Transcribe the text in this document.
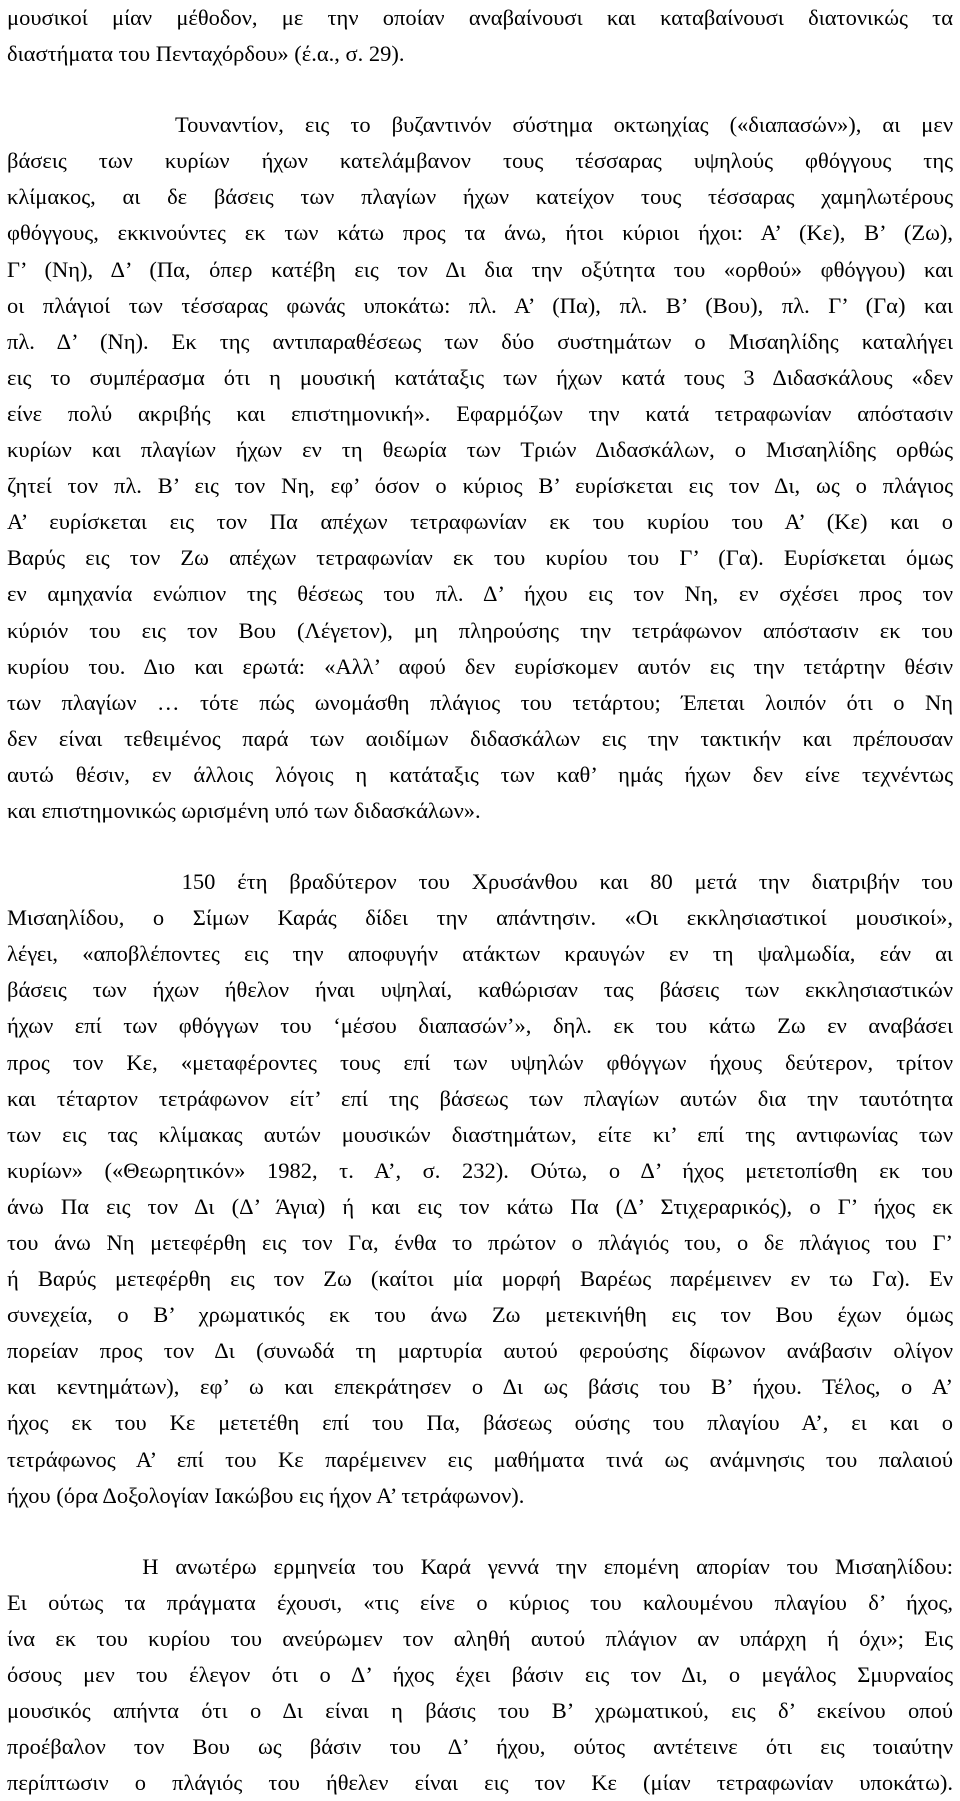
μουσικοί μίαν μέθοδον, με την οποίαν αναβαίνουσι και καταβαίνουσι διατονικώς τα
διαστήματα του Πενταχόρδου» (έ.α., σ. 29).
Τουναντίον, εις το βυζαντινόν σύστημα οκτωηχίας («διαπασών»), αι μεν
βάσεις των κυρίων ήχων κατελάμβανον τους τέσσαρας υψηλούς φθόγγους της
κλίμακος, αι δε βάσεις των πλαγίων ήχων κατείχον τους τέσσαρας χαμηλωτέρους
φθόγγους, εκκινούντες εκ των κάτω προς τα άνω, ήτοι κύριοι ήχοι: Α’ (Κε), Β’ (Ζω),
Γ’ (Νη), Δ’ (Πα, όπερ κατέβη εις τον Δι δια την οξύτητα του «ορθού» φθόγγου) και
οι πλάγιοί των τέσσαρας φωνάς υποκάτω: πλ. Α’ (Πα), πλ. Β’ (Βου), πλ. Γ’ (Γα) και
πλ. Δ’ (Νη). Εκ της αντιπαραθέσεως των δύο συστημάτων ο Μισαηλίδης καταλήγει
εις το συμπέρασμα ότι η μουσική κατάταξις των ήχων κατά τους 3 Διδασκάλους «δεν
είνε πολύ ακριβής και επιστημονική». Εφαρμόζων την κατά τετραφωνίαν απόστασιν
κυρίων και πλαγίων ήχων εν τη θεωρία των Τριών Διδασκάλων, ο Μισαηλίδης ορθώς
ζητεί τον πλ. Β’ εις τον Νη, εφ’ όσον ο κύριος Β’ ευρίσκεται εις τον Δι, ως ο πλάγιος
Α’ ευρίσκεται εις τον Πα απέχων τετραφωνίαν εκ του κυρίου του Α’ (Κε) και ο
Βαρύς εις τον Ζω απέχων τετραφωνίαν εκ του κυρίου του Γ’ (Γα). Ευρίσκεται όμως
εν αμηχανία ενώπιον της θέσεως του πλ. Δ’ ήχου εις τον Νη, εν σχέσει προς τον
κύριόν του εις τον Βου (Λέγετον), μη πληρούσης την τετράφωνον απόστασιν εκ του
κυρίου του. Διο και ερωτά: «Αλλ’ αφού δεν ευρίσκομεν αυτόν εις την τετάρτην θέσιν
των πλαγίων … τότε πώς ωνομάσθη πλάγιος του τετάρτου; Έπεται λοιπόν ότι ο Νη
δεν είναι τεθειμένος παρά των αοιδίμων διδασκάλων εις την τακτικήν και πρέπουσαν
αυτώ θέσιν, εν άλλοις λόγοις η κατάταξις των καθ’ ημάς ήχων δεν είνε τεχνέντως
και επιστημονικώς ωρισμένη υπό των διδασκάλων».
150 έτη βραδύτερον του Χρυσάνθου και 80 μετά την διατριβήν του
Μισαηλίδου, ο Σίμων Καράς δίδει την απάντησιν. «Οι εκκλησιαστικοί μουσικοί»,
λέγει, «αποβλέποντες εις την αποφυγήν ατάκτων κραυγών εν τη ψαλμωδία, εάν αι
βάσεις των ήχων ήθελον ήναι υψηλαί, καθώρισαν τας βάσεις των εκκλησιαστικών
ήχων επί των φθόγγων του ‘μέσου διαπασών’», δηλ. εκ του κάτω Ζω εν αναβάσει
προς τον Κε, «μεταφέροντες τους επί των υψηλών φθόγγων ήχους δεύτερον, τρίτον
και τέταρτον τετράφωνον είτ’ επί της βάσεως των πλαγίων αυτών δια την ταυτότητα
των εις τας κλίμακας αυτών μουσικών διαστημάτων, είτε κι’ επί της αντιφωνίας των
κυρίων» («Θεωρητικόν» 1982, τ. Α’, σ. 232). Ούτω, ο Δ’ ήχος μετετοπίσθη εκ του
άνω Πα εις τον Δι (Δ’ Άγια) ή και εις τον κάτω Πα (Δ’ Στιχεραρικός), ο Γ’ ήχος εκ
του άνω Νη μετεφέρθη εις τον Γα, ένθα το πρώτον ο πλάγιός του, ο δε πλάγιος του Γ’
ή Βαρύς μετεφέρθη εις τον Ζω (καίτοι μία μορφή Βαρέως παρέμεινεν εν τω Γα). Εν
συνεχεία, ο Β’ χρωματικός εκ του άνω Ζω μετεκινήθη εις τον Βου έχων όμως
πορείαν προς τον Δι (συνωδά τη μαρτυρία αυτού φερούσης δίφωνον ανάβασιν ολίγον
και κεντημάτων), εφ’ ω και επεκράτησεν ο Δι ως βάσις του Β’ ήχου. Τέλος, ο Α’
ήχος εκ του Κε μετετέθη επί του Πα, βάσεως ούσης του πλαγίου Α’, ει και ο
τετράφωνος Α’ επί του Κε παρέμεινεν εις μαθήματα τινά ως ανάμνησις του παλαιού
ήχου (όρα Δοξολογίαν Ιακώβου εις ήχον Α’ τετράφωνον).
Η ανωτέρω ερμηνεία του Καρά γεννά την επομένη απορίαν του Μισαηλίδου:
Ει ούτως τα πράγματα έχουσι, «τις είνε ο κύριος του καλουμένου πλαγίου δ’ ήχος,
ίνα εκ του κυρίου του ανεύρωμεν τον αληθή αυτού πλάγιον αν υπάρχη ή όχι»; Εις
όσους μεν του έλεγον ότι ο Δ’ ήχος έχει βάσιν εις τον Δι, ο μεγάλος Σμυρναίος
μουσικός απήντα ότι ο Δι είναι η βάσις του Β’ χρωματικού, εις δ’ εκείνου οπού
προέβαλον τον Βου ως βάσιν του Δ’ ήχου, ούτος αντέτεινε ότι εις τοιαύτην
περίπτωσιν ο πλάγιός του ήθελεν είναι εις τον Κε (μίαν τετραφωνίαν υποκάτω).
